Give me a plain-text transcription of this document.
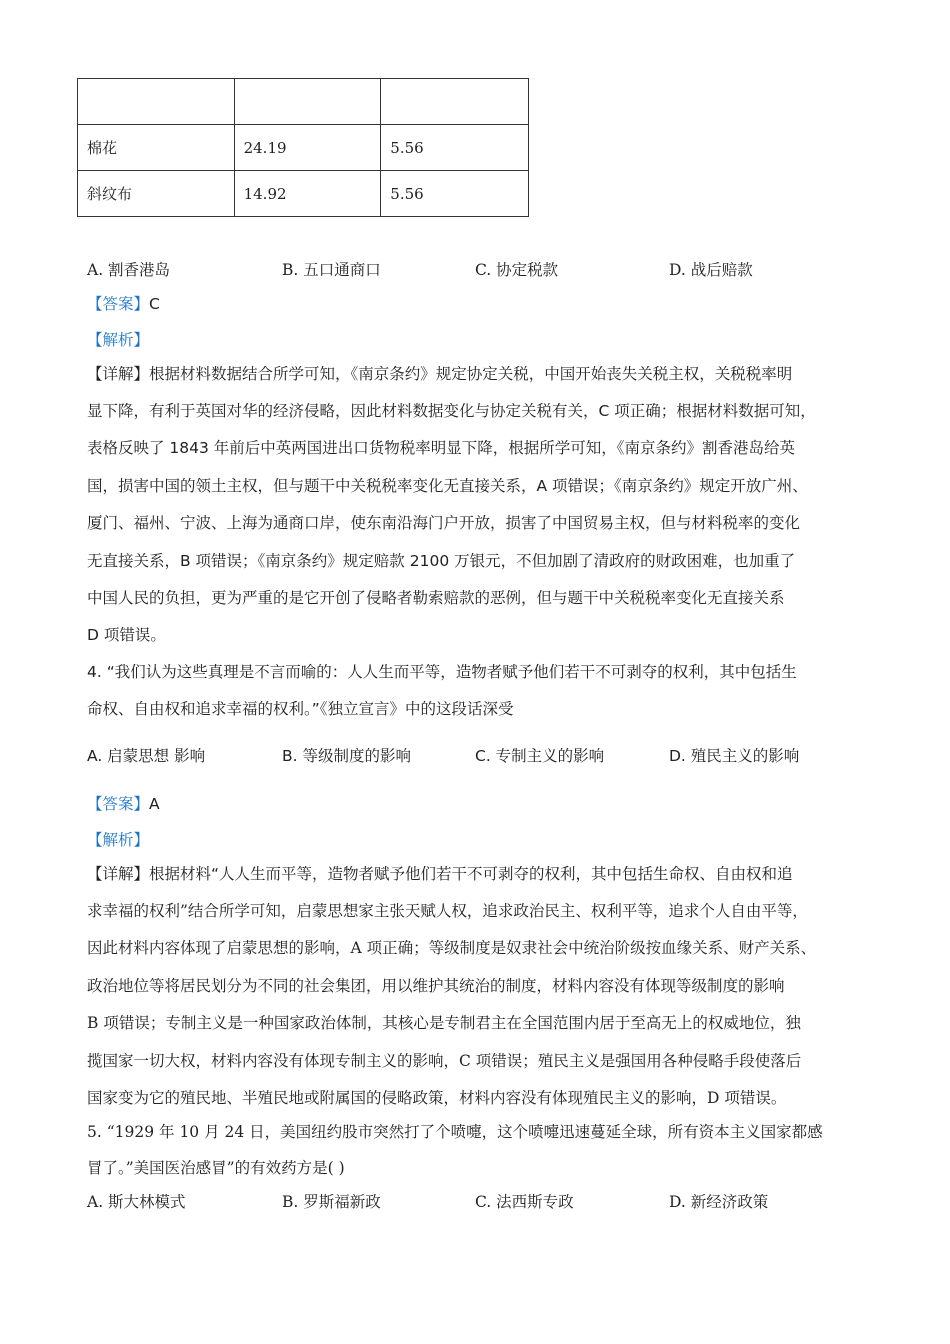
棉花	24.19	5.56
斜纹布	14.92	5.56
A. 割香港岛	B. 五口通商口	C. 协定税款	D. 战后赔款
【答案】C
【解析】
【详解】根据材料数据结合所学可知，《南京条约》规定协定关税，中国开始丧失关税主权，关税税率明
显下降，有利于英国对华的经济侵略，因此材料数据变化与协定关税有关，C 项正确；根据材料数据可知，
表格反映了 1843 年前后中英两国进出口货物税率明显下降，根据所学可知，《南京条约》割香港岛给英
国，损害中国的领土主权，但与题干中关税税率变化无直接关系，A 项错误；《南京条约》规定开放广州、
厦门、福州、宁波、上海为通商口岸，使东南沿海门户开放，损害了中国贸易主权，但与材料税率的变化
无直接关系，B 项错误；《南京条约》规定赔款 2100 万银元，不但加剧了清政府的财政困难，也加重了
中国人民的负担，更为严重的是它开创了侵略者勒索赔款的恶例，但与题干中关税税率变化无直接关系
D 项错误。
4. “我们认为这些真理是不言而喻的：人人生而平等，造物者赋予他们若干不可剥夺的权利，其中包括生
命权、自由权和追求幸福的权利。”《独立宣言》中的这段话深受
A. 启蒙思想 影响	B. 等级制度的影响	C. 专制主义的影响	D. 殖民主义的影响
【答案】A
【解析】
【详解】根据材料“人人生而平等，造物者赋予他们若干不可剥夺的权利，其中包括生命权、自由权和追
求幸福的权利”结合所学可知，启蒙思想家主张天赋人权，追求政治民主、权利平等，追求个人自由平等，
因此材料内容体现了启蒙思想的影响，A 项正确；等级制度是奴隶社会中统治阶级按血缘关系、财产关系、
政治地位等将居民划分为不同的社会集团，用以维护其统治的制度，材料内容没有体现等级制度的影响
B 项错误；专制主义是一种国家政治体制，其核心是专制君主在全国范围内居于至高无上的权威地位，独
揽国家一切大权，材料内容没有体现专制主义的影响，C 项错误；殖民主义是强国用各种侵略手段使落后
国家变为它的殖民地、半殖民地或附属国的侵略政策，材料内容没有体现殖民主义的影响，D 项错误。
5. “1929 年 10 月 24 日，美国纽约股市突然打了个喷嚏，这个喷嚏迅速蔓延全球，所有资本主义国家都感
冒了。”美国医治感冒”的有效药方是( )
A. 斯大林模式	B. 罗斯福新政	C. 法西斯专政	D. 新经济政策
